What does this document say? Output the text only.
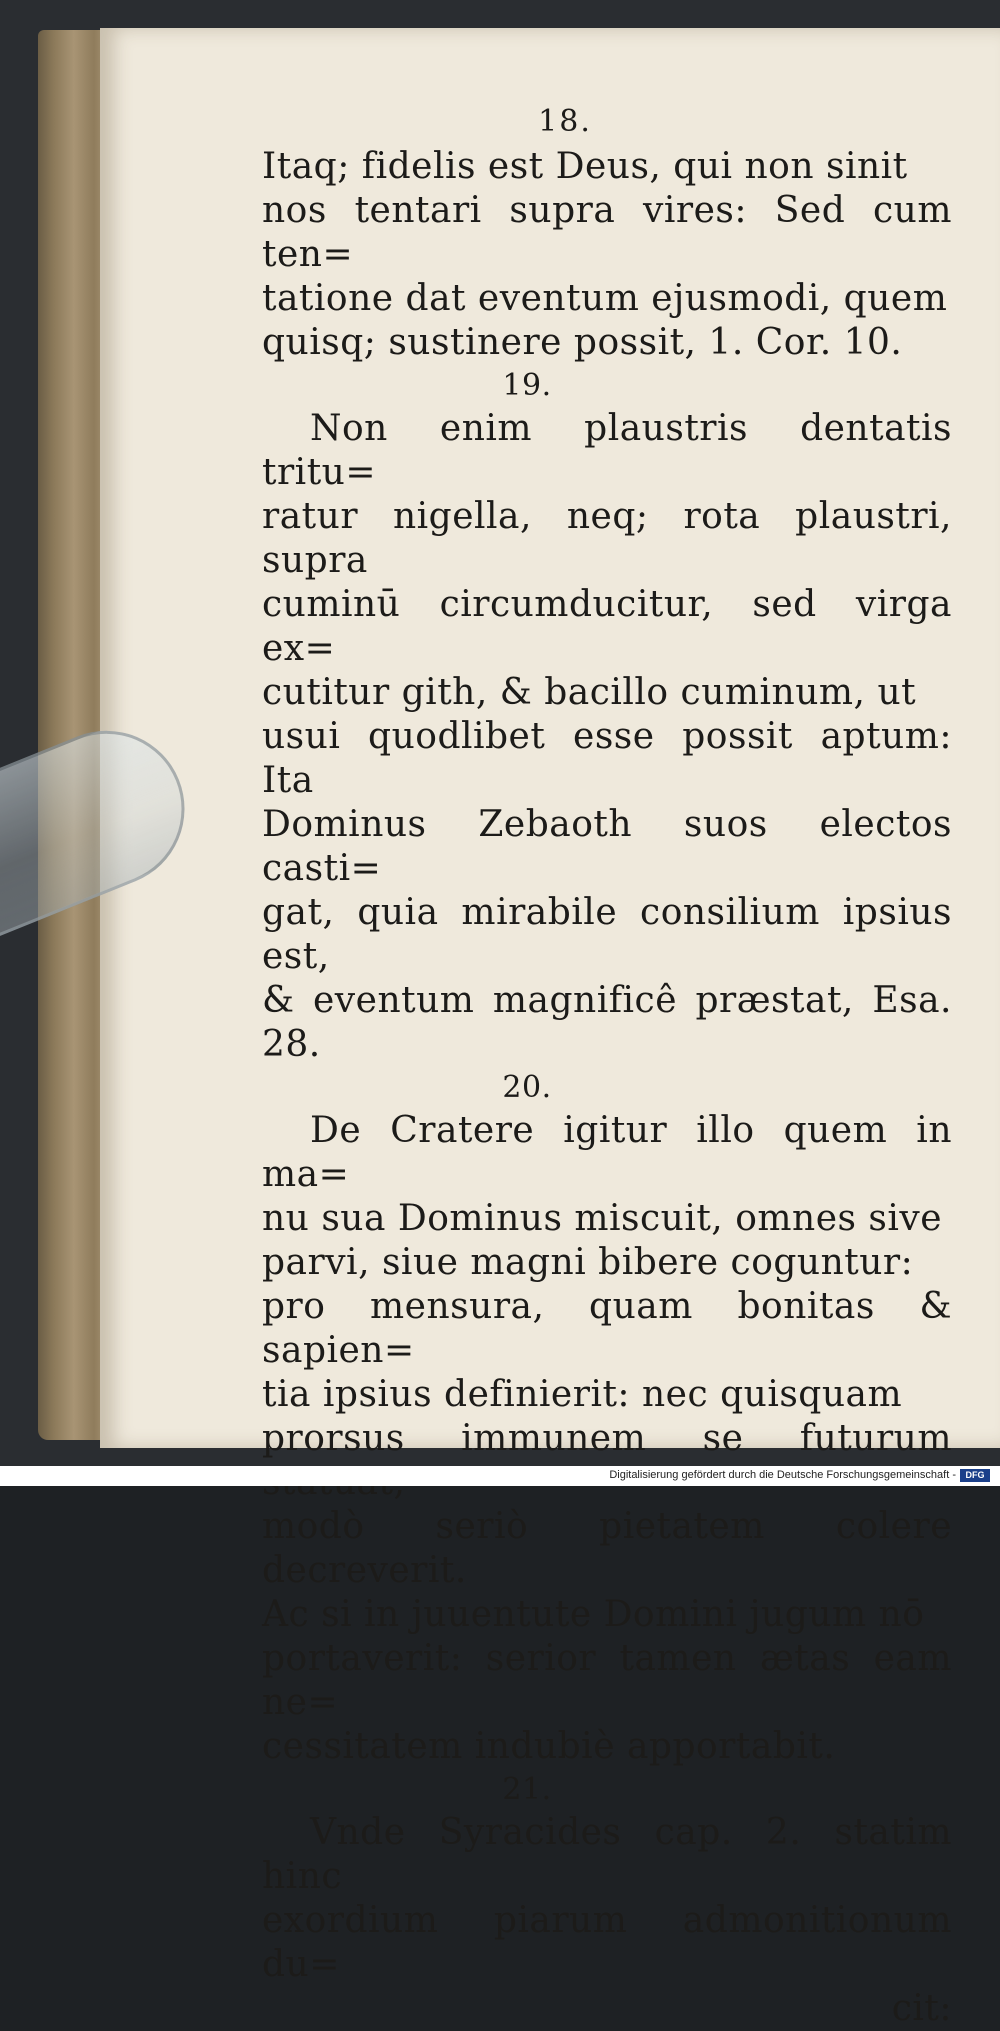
18.

Itaq; fidelis est Deus, qui non sinit

nos tentari supra vires: Sed cum ten=

tatione dat eventum ejusmodi, quem

quisq; sustinere possit, 1. Cor. 10.

19.

Non enim plaustris dentatis tritu=

ratur nigella, neq; rota plaustri, supra

cuminū circumducitur, sed virga ex=

cutitur gith, & bacillo cuminum, ut

usui quodlibet esse possit aptum: Ita

Dominus Zebaoth suos electos casti=

gat, quia mirabile consilium ipsius est,

& eventum magnificê præstat, Esa. 28.

20.

De Cratere igitur illo quem in ma=

nu sua Dominus miscuit, omnes sive

parvi, siue magni bibere coguntur:

pro mensura, quam bonitas & sapien=

tia ipsius definierit: nec quisquam

prorsus immunem se futurum

modò seriò pietatem colere decreverit.

Ac si in juuentute Domini jugum nō

portaverit: serior tamen ætas eam ne=

cessitatem indubiè apportabit.

21.

Vnde Syracides cap. 2. statim hinc

exordium piarum admonitionum du=

cit:

Digitalisierung gefördert durch die Deutsche Forschungsgemeinschaft -	DFG
